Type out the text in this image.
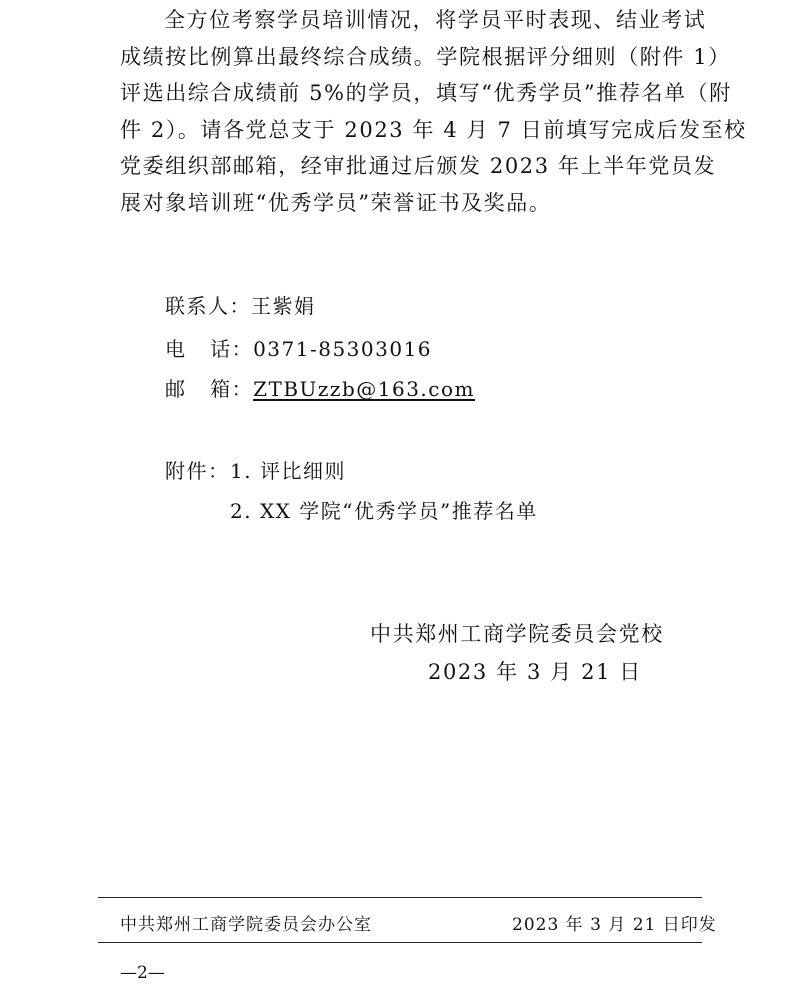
全方位考察学员培训情况，将学员平时表现、结业考试
成绩按比例算出最终综合成绩。学院根据评分细则（附件 1）
评选出综合成绩前 5%的学员，填写“优秀学员”推荐名单（附
件 2）。请各党总支于 2023 年 4 月 7 日前填写完成后发至校
党委组织部邮箱，经审批通过后颁发 2023 年上半年党员发
展对象培训班“优秀学员”荣誉证书及奖品。
联系人：王紫娟
电   话：0371-85303016
邮   箱：ZTBUzzb@163.com
附件： 1. 评比细则
2. XX 学院“优秀学员”推荐名单
中共郑州工商学院委员会党校
2023 年 3 月 21 日
中共郑州工商学院委员会办公室	2023 年 3 月 21 日印发
—2—
